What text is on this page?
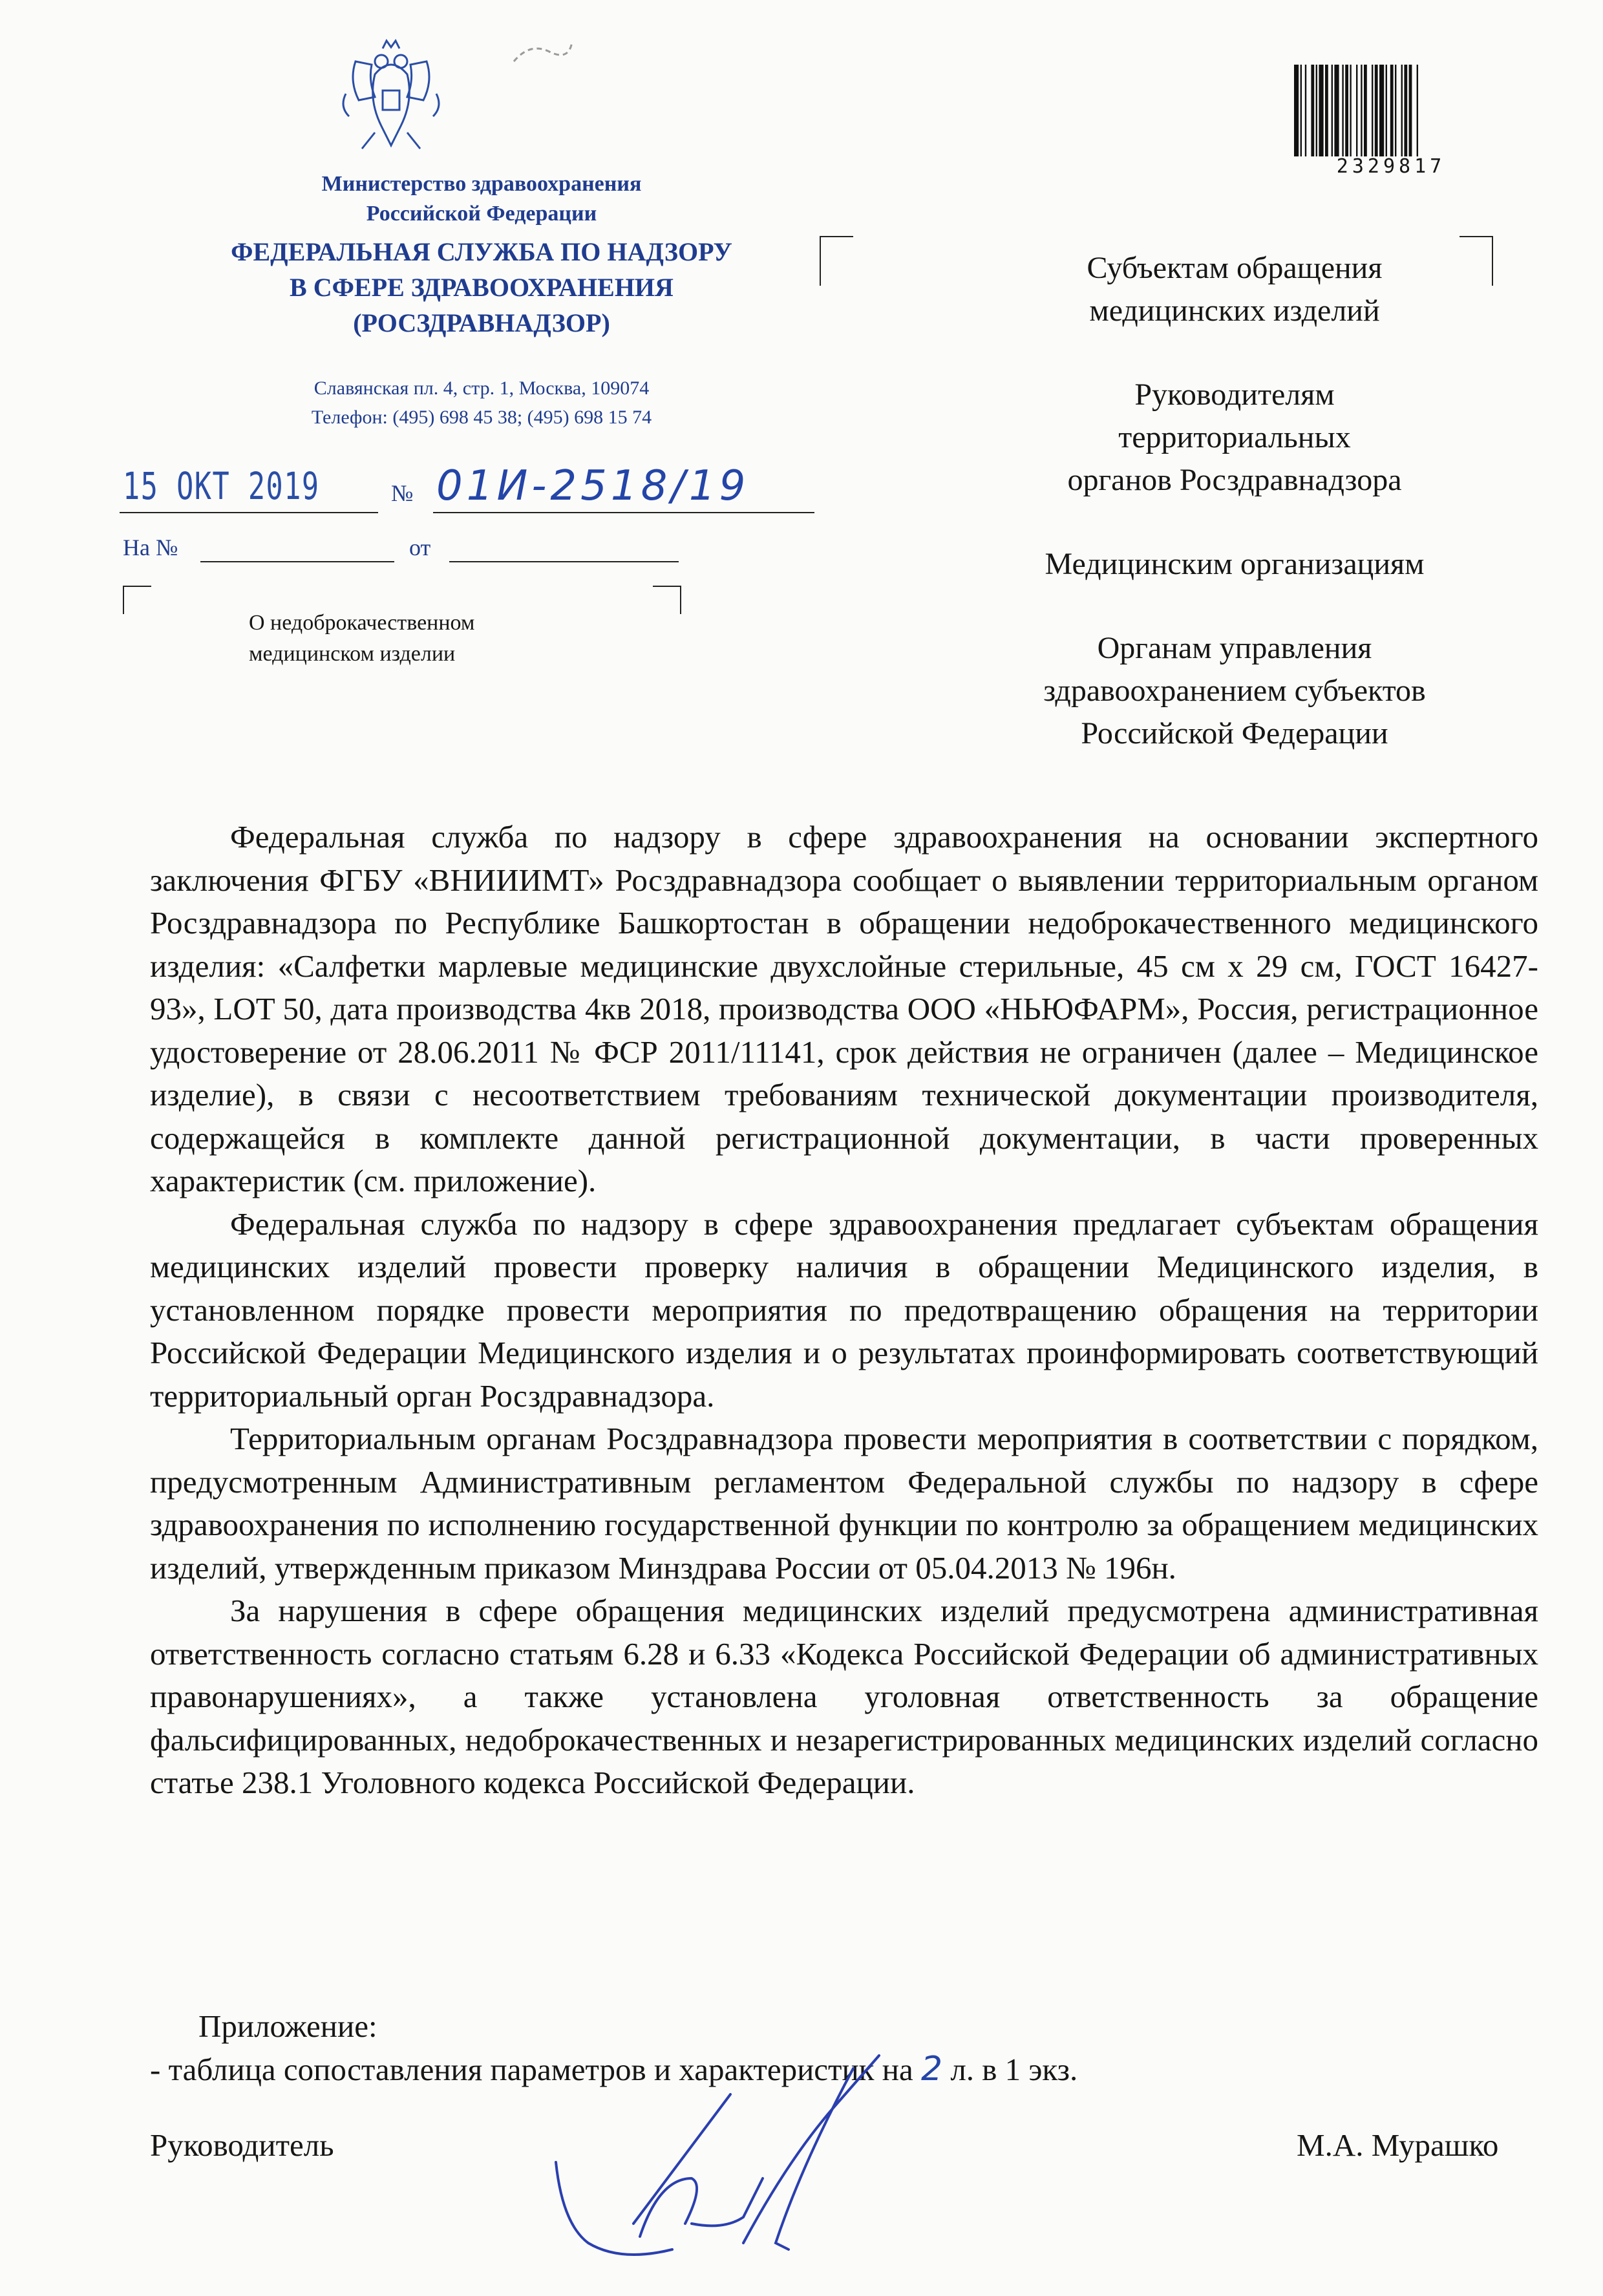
Министерство здравоохранения
Российской Федерации
ФЕДЕРАЛЬНАЯ СЛУЖБА ПО НАДЗОРУ
В СФЕРЕ ЗДРАВООХРАНЕНИЯ
(РОСЗДРАВНАДЗОР)
Славянская пл. 4, стр. 1, Москва, 109074
Телефон: (495) 698 45 38; (495) 698 15 74
15 ОКТ 2019	№ 01И-2518/19
На №	от
О недоброкачественном
медицинском изделии
2329817
Субъектам обращения
медицинских изделий
Руководителям
территориальных
органов Росздравнадзора
Медицинским организациям
Органам управления
здравоохранением субъектов
Российской Федерации

Федеральная служба по надзору в сфере здравоохранения на основании экспертного заключения ФГБУ «ВНИИИМТ» Росздравнадзора сообщает о выявлении территориальным органом Росздравнадзора по Республике Башкортостан в обращении недоброкачественного медицинского изделия: «Салфетки марлевые медицинские двухслойные стерильные, 45 см х 29 см, ГОСТ 16427- 93», LOT 50, дата производства 4кв 2018, производства ООО «НЬЮФАРМ», Россия, регистрационное удостоверение от 28.06.2011 № ФСР 2011/11141, срок действия не ограничен (далее – Медицинское изделие), в связи с несоответствием требованиям технической документации производителя, содержащейся в комплекте данной регистрационной документации, в части проверенных характеристик (см. приложение).

Федеральная служба по надзору в сфере здравоохранения предлагает субъектам обращения медицинских изделий провести проверку наличия в обращении Медицинского изделия, в установленном порядке провести мероприятия по предотвращению обращения на территории Российской Федерации Медицинского изделия и о результатах проинформировать соответствующий территориальный орган Росздравнадзора.

Территориальным органам Росздравнадзора провести мероприятия в соответствии с порядком, предусмотренным Административным регламентом Федеральной службы по надзору в сфере здравоохранения по исполнению государственной функции по контролю за обращением медицинских изделий, утвержденным приказом Минздрава России от 05.04.2013 № 196н.

За нарушения в сфере обращения медицинских изделий предусмотрена административная ответственность согласно статьям 6.28 и 6.33 «Кодекса Российской Федерации об административных правонарушениях», а также установлена уголовная ответственность за обращение фальсифицированных, недоброкачественных и незарегистрированных медицинских изделий согласно статье 238.1 Уголовного кодекса Российской Федерации.

Приложение:
- таблица сопоставления параметров и характеристик на 2 л. в 1 экз.
Руководитель	М.А. Мурашко
